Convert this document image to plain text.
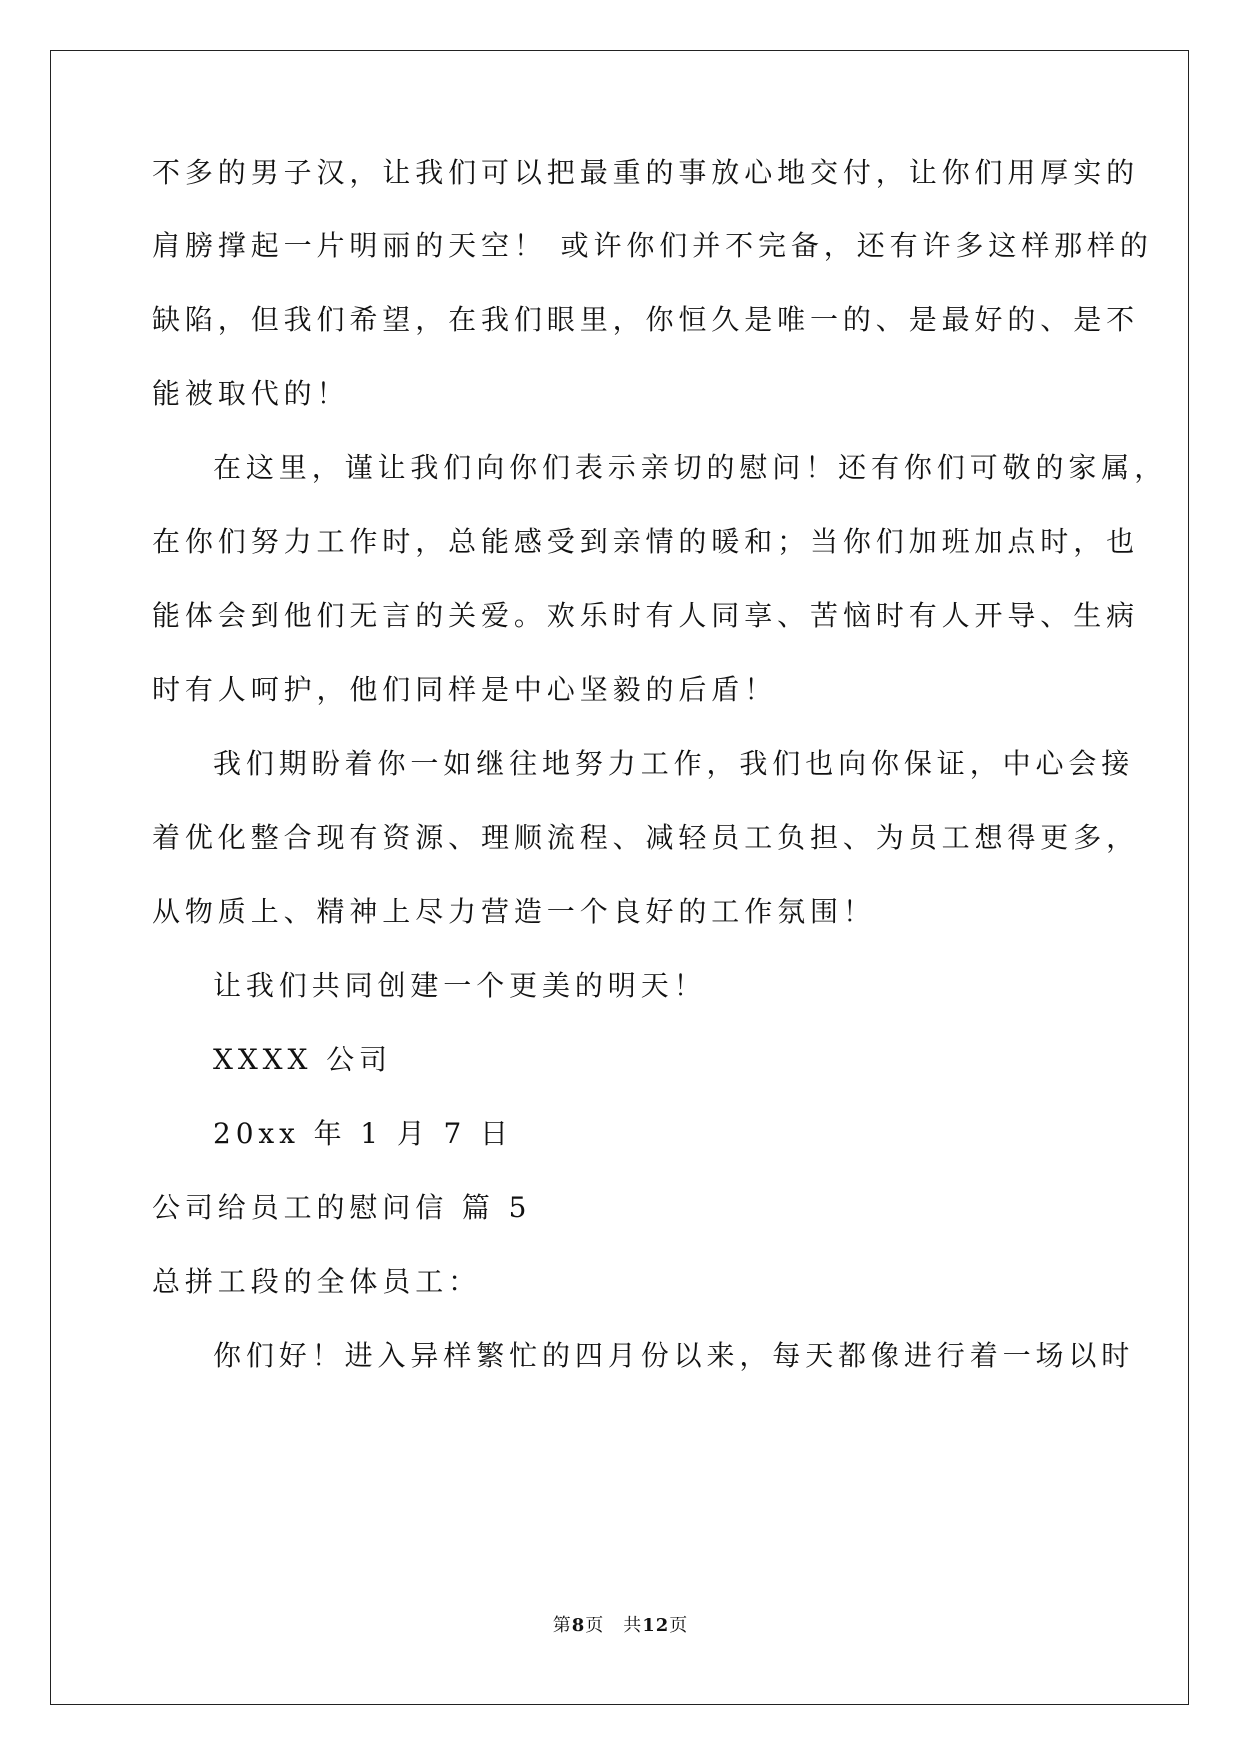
不多的男子汉，让我们可以把最重的事放心地交付，让你们用厚实的
肩膀撑起一片明丽的天空！ 或许你们并不完备，还有许多这样那样的
缺陷，但我们希望，在我们眼里，你恒久是唯一的、是最好的、是不
能被取代的！
在这里，谨让我们向你们表示亲切的慰问！还有你们可敬的家属，
在你们努力工作时，总能感受到亲情的暖和；当你们加班加点时，也
能体会到他们无言的关爱。欢乐时有人同享、苦恼时有人开导、生病
时有人呵护，他们同样是中心坚毅的后盾！
我们期盼着你一如继往地努力工作，我们也向你保证，中心会接
着优化整合现有资源、理顺流程、减轻员工负担、为员工想得更多，
从物质上、精神上尽力营造一个良好的工作氛围！
让我们共同创建一个更美的明天！
XXXX 公司
20xx 年 1 月 7 日
公司给员工的慰问信 篇 5
总拼工段的全体员工：
你们好！进入异样繁忙的四月份以来，每天都像进行着一场以时
第8页　共12页
